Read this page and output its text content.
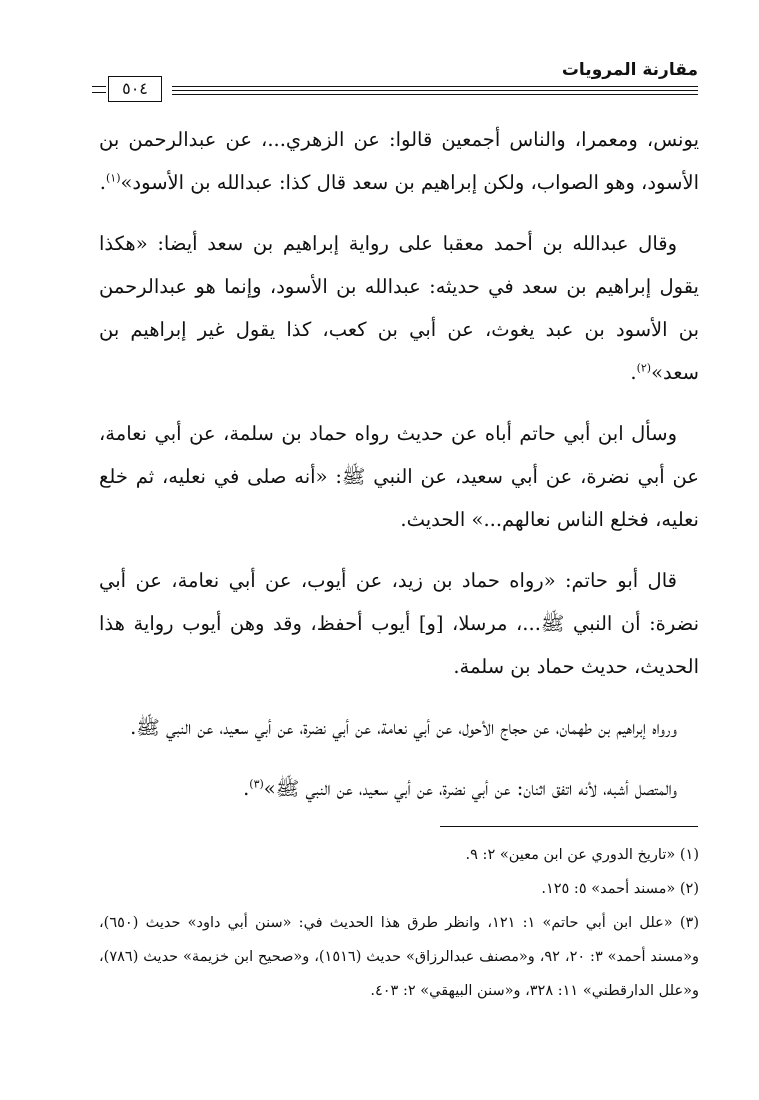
مقارنة المرويات
٥٠٤

يونس، ومعمرا، والناس أجمعين قالوا: عن الزهري...، عن عبدالرحمن بن الأسود، وهو الصواب، ولكن إبراهيم بن سعد قال كذا: عبدالله بن الأسود»$^{(١)}$.

وقال عبدالله بن أحمد معقبا على رواية إبراهيم بن سعد أيضا: «هكذا يقول إبراهيم بن سعد في حديثه: عبدالله بن الأسود، وإنما هو عبدالرحمن بن الأسود بن عبد يغوث، عن أبي بن كعب، كذا يقول غير إبراهيم بن سعد»$^{(٢)}$.

وسأل ابن أبي حاتم أباه عن حديث رواه حماد بن سلمة، عن أبي نعامة، عن أبي نضرة، عن أبي سعيد، عن النبي ﷺ: «أنه صلى في نعليه، ثم خلع نعليه، فخلع الناس نعالهم...» الحديث.

قال أبو حاتم: «رواه حماد بن زيد، عن أيوب، عن أبي نعامة، عن أبي نضرة: أن النبي ﷺ...، مرسلا، [و] أيوب أحفظ، وقد وهن أيوب رواية هذا الحديث، حديث حماد بن سلمة.

ورواه إبراهيم بن طهمان، عن حجاج الأحول، عن أبي نعامة، عن أبي نضرة، عن أبي سعيد، عن النبي ﷺ.

والمتصل أشبه، لأنه اتفق اثنان: عن أبي نضرة، عن أبي سعيد، عن النبي ﷺ»$^{(٣)}$.

(١) «تاريخ الدوري عن ابن معين» ٢: ٩.
(٢) «مسند أحمد» ٥: ١٢٥.
(٣) «علل ابن أبي حاتم» ١: ١٢١، وانظر طرق هذا الحديث في: «سنن أبي داود» حديث (٦٥٠)، و«مسند أحمد» ٣: ٢٠، ٩٢، و«مصنف عبدالرزاق» حديث (١٥١٦)، و«صحيح ابن خزيمة» حديث (٧٨٦)، و«علل الدارقطني» ١١: ٣٢٨، و«سنن البيهقي» ٢: ٤٠٣.
